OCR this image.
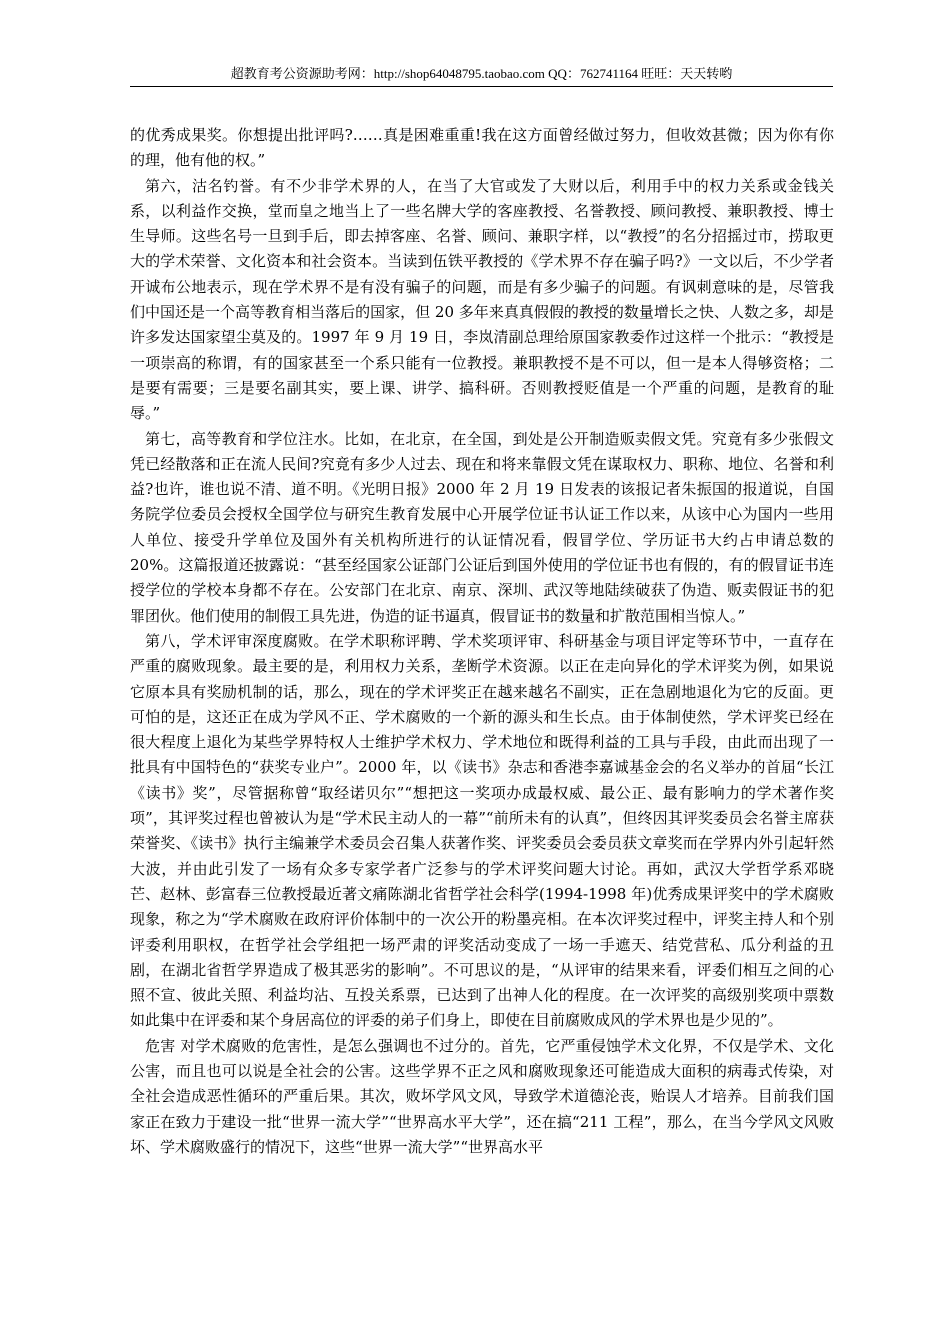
超教育考公资源助考网：http://shop64048795.taobao.com QQ：762741164 旺旺：天天转哟

的优秀成果奖。你想提出批评吗?……真是困难重重!我在这方面曾经做过努力，但收效甚微；因为你有你的理，他有他的权。”

第六，沽名钓誉。有不少非学术界的人，在当了大官或发了大财以后，利用手中的权力关系或金钱关系，以利益作交换，堂而皇之地当上了一些名牌大学的客座教授、名誉教授、顾问教授、兼职教授、博士生导师。这些名号一旦到手后，即去掉客座、名誉、顾问、兼职字样，以“教授”的名分招摇过市，捞取更大的学术荣誉、文化资本和社会资本。当读到伍铁平教授的《学术界不存在骗子吗?》一文以后，不少学者开诚布公地表示，现在学术界不是有没有骗子的问题，而是有多少骗子的问题。有讽刺意味的是，尽管我们中国还是一个高等教育相当落后的国家，但 20 多年来真真假假的教授的数量增长之快、人数之多，却是许多发达国家望尘莫及的。1997 年 9 月 19 日，李岚清副总理给原国家教委作过这样一个批示：“教授是一项崇高的称谓，有的国家甚至一个系只能有一位教授。兼职教授不是不可以，但一是本人得够资格；二是要有需要；三是要名副其实，要上课、讲学、搞科研。否则教授贬值是一个严重的问题，是教育的耻辱。”

第七，高等教育和学位注水。比如，在北京，在全国，到处是公开制造贩卖假文凭。究竟有多少张假文凭已经散落和正在流人民间?究竟有多少人过去、现在和将来靠假文凭在谋取权力、职称、地位、名誉和利益?也许，谁也说不清、道不明。《光明日报》2000 年 2 月 19 日发表的该报记者朱振国的报道说，自国务院学位委员会授权全国学位与研究生教育发展中心开展学位证书认证工作以来，从该中心为国内一些用人单位、接受升学单位及国外有关机构所进行的认证情况看，假冒学位、学历证书大约占申请总数的 20%。这篇报道还披露说：“甚至经国家公证部门公证后到国外使用的学位证书也有假的，有的假冒证书连授学位的学校本身都不存在。公安部门在北京、南京、深圳、武汉等地陆续破获了伪造、贩卖假证书的犯罪团伙。他们使用的制假工具先进，伪造的证书逼真，假冒证书的数量和扩散范围相当惊人。”

第八，学术评审深度腐败。在学术职称评聘、学术奖项评审、科研基金与项目评定等环节中，一直存在严重的腐败现象。最主要的是，利用权力关系，垄断学术资源。以正在走向异化的学术评奖为例，如果说它原本具有奖励机制的话，那么，现在的学术评奖正在越来越名不副实，正在急剧地退化为它的反面。更可怕的是，这还正在成为学风不正、学术腐败的一个新的源头和生长点。由于体制使然，学术评奖已经在很大程度上退化为某些学界特权人士维护学术权力、学术地位和既得利益的工具与手段，由此而出现了一批具有中国特色的“获奖专业户”。2000 年，以《读书》杂志和香港李嘉诚基金会的名义举办的首届“长江《读书》奖”，尽管据称曾“取经诺贝尔”“想把这一奖项办成最权威、最公正、最有影响力的学术著作奖项”，其评奖过程也曾被认为是“学术民主动人的一幕”“前所未有的认真”，但终因其评奖委员会名誉主席获荣誉奖、《读书》执行主编兼学术委员会召集人获著作奖、评奖委员会委员获文章奖而在学界内外引起轩然大波，并由此引发了一场有众多专家学者广泛参与的学术评奖问题大讨论。再如，武汉大学哲学系邓晓芒、赵林、彭富春三位教授最近著文痛陈湖北省哲学社会科学(1994-1998 年)优秀成果评奖中的学术腐败现象，称之为“学术腐败在政府评价体制中的一次公开的粉墨亮相。在本次评奖过程中，评奖主持人和个别评委利用职权，在哲学社会学组把一场严肃的评奖活动变成了一场一手遮天、结党营私、瓜分利益的丑剧，在湖北省哲学界造成了极其恶劣的影响”。不可思议的是，“从评审的结果来看，评委们相互之间的心照不宣、彼此关照、利益均沾、互投关系票，已达到了出神人化的程度。在一次评奖的高级别奖项中票数如此集中在评委和某个身居高位的评委的弟子们身上，即使在目前腐败成风的学术界也是少见的”。

危害 对学术腐败的危害性，是怎么强调也不过分的。首先，它严重侵蚀学术文化界，不仅是学术、文化公害，而且也可以说是全社会的公害。这些学界不正之风和腐败现象还可能造成大面积的病毒式传染，对全社会造成恶性循环的严重后果。其次，败坏学风文风，导致学术道德沦丧，贻误人才培养。目前我们国家正在致力于建设一批“世界一流大学”“世界高水平大学”，还在搞“211 工程”，那么，在当今学风文风败坏、学术腐败盛行的情况下，这些“世界一流大学”“世界高水平
